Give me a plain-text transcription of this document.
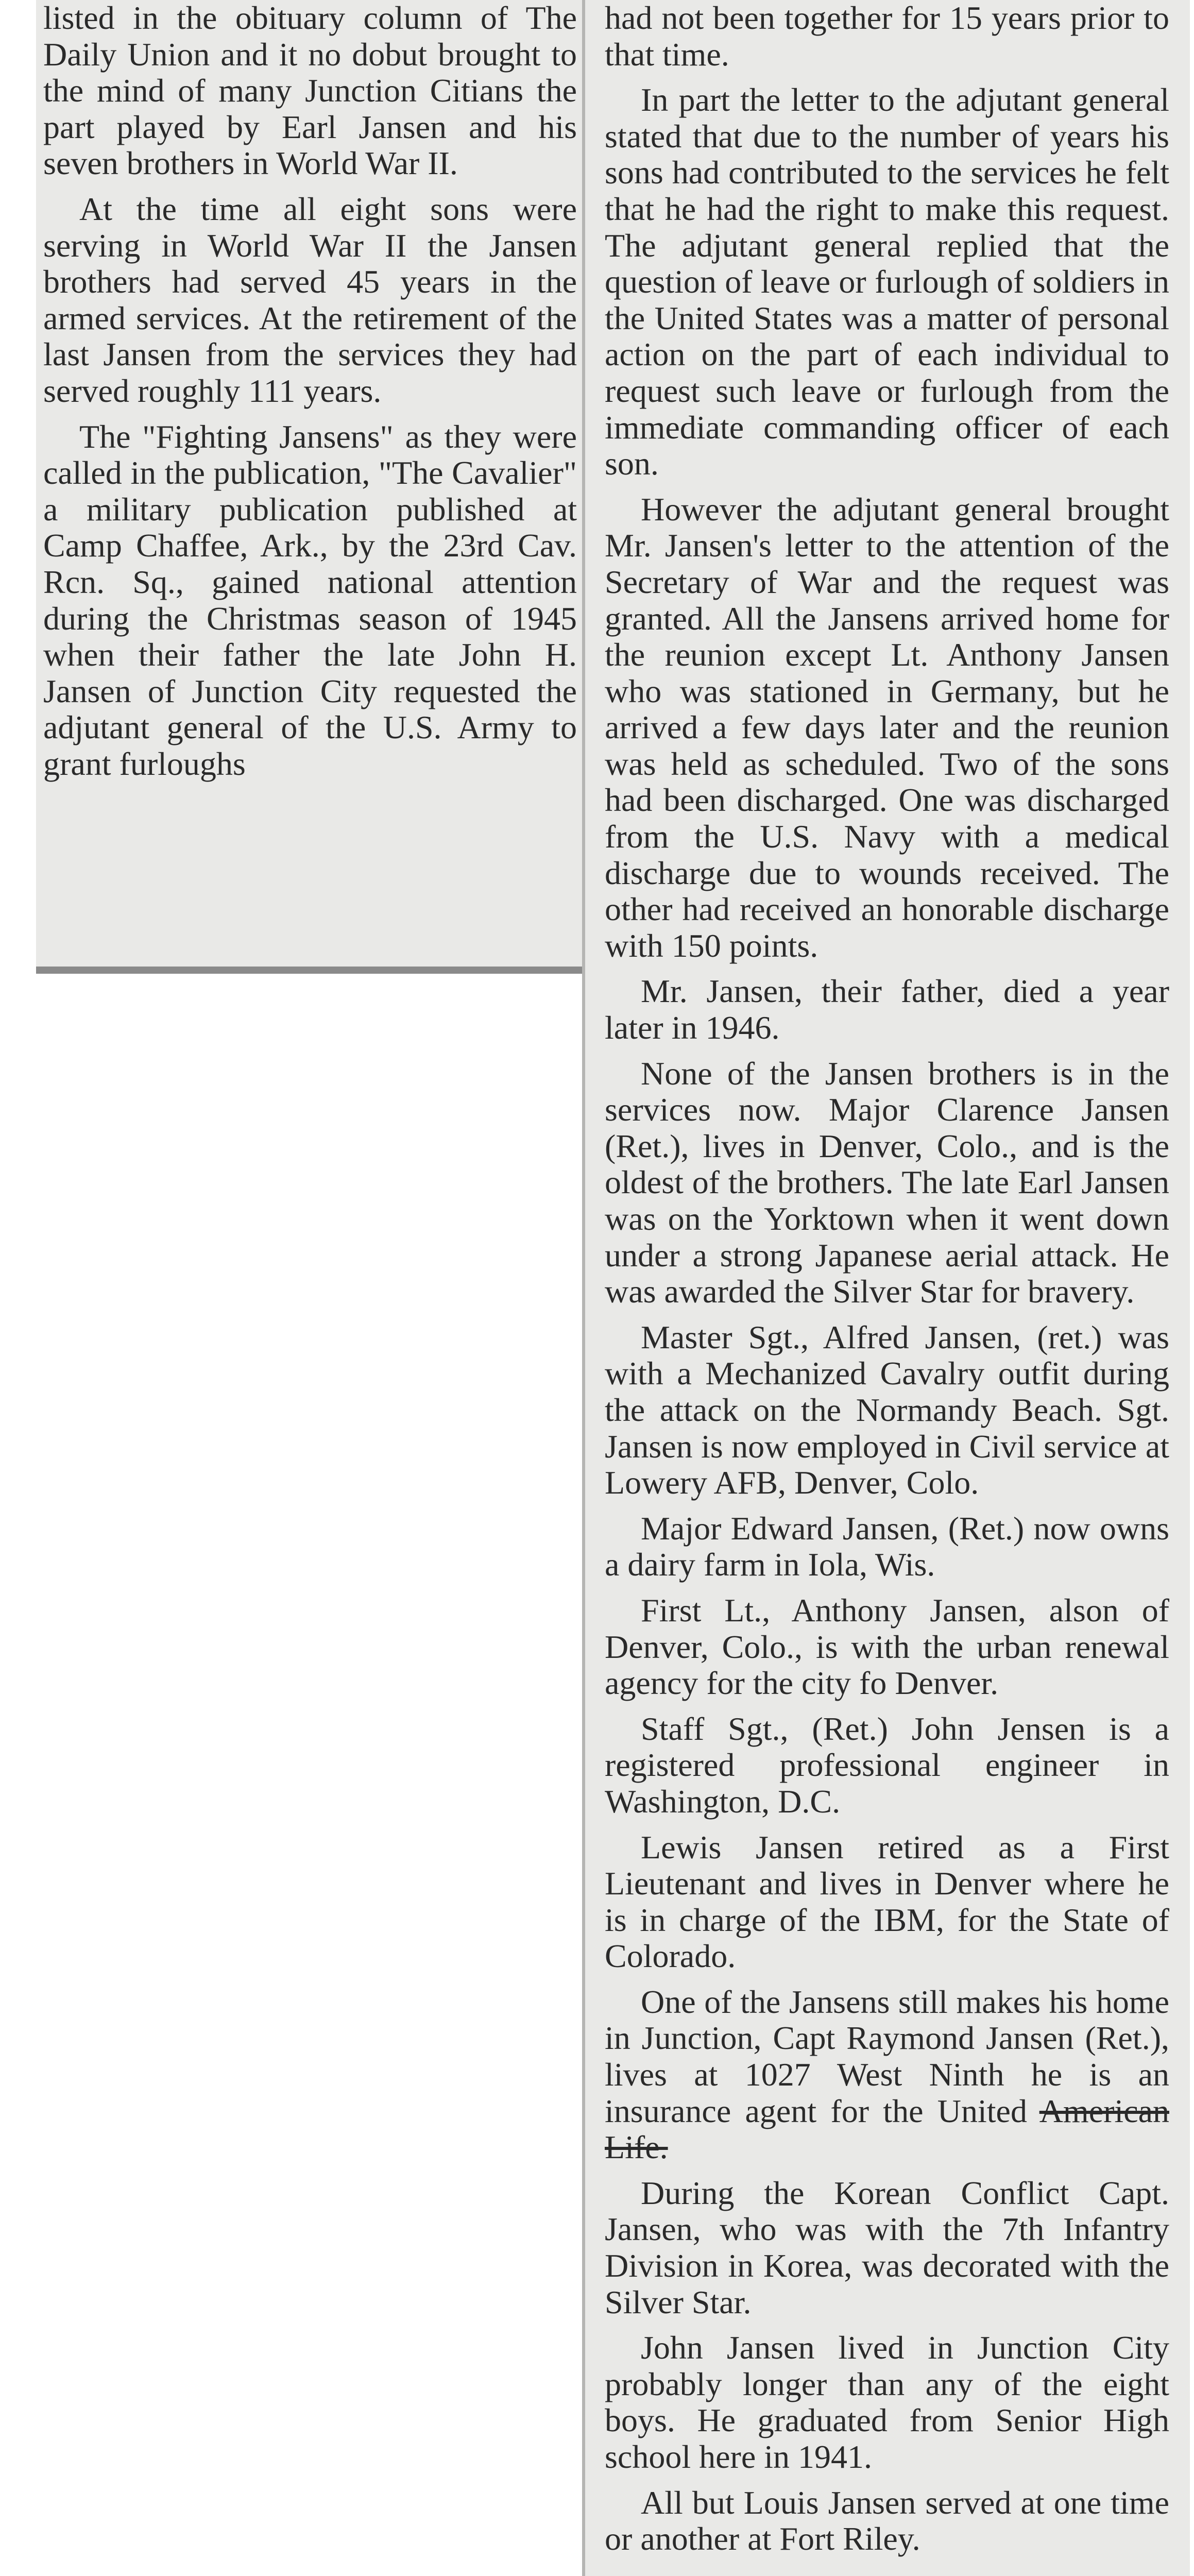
listed in the obituary column of The Daily Union and it no dobut brought to the mind of many Junction Citians the part played by Earl Jansen and his seven brothers in World War II.

At the time all eight sons were serving in World War II the Jansen brothers had served 45 years in the armed services. At the retirement of the last Jansen from the services they had served roughly 111 years.

The "Fighting Jansens" as they were called in the publication, "The Cavalier" a military publication published at Camp Chaffee, Ark., by the 23rd Cav. Rcn. Sq., gained national attention during the Christmas season of 1945 when their father the late John H. Jansen of Junction City requested the adjutant general of the U.S. Army to grant furloughs

had not been together for 15 years prior to that time.

In part the letter to the adjutant general stated that due to the number of years his sons had contributed to the services he felt that he had the right to make this request. The adjutant general replied that the question of leave or furlough of soldiers in the United States was a matter of personal action on the part of each individual to request such leave or furlough from the immediate commanding officer of each son.

However the adjutant general brought Mr. Jansen's letter to the attention of the Secretary of War and the request was granted. All the Jansens arrived home for the reunion except Lt. Anthony Jansen who was stationed in Germany, but he arrived a few days later and the reunion was held as scheduled. Two of the sons had been discharged. One was discharged from the U.S. Navy with a medical discharge due to wounds received. The other had received an honorable discharge with 150 points.

Mr. Jansen, their father, died a year later in 1946.

None of the Jansen brothers is in the services now. Major Clarence Jansen (Ret.), lives in Denver, Colo., and is the oldest of the brothers. The late Earl Jansen was on the Yorktown when it went down under a strong Japanese aerial attack. He was awarded the Silver Star for bravery.

Master Sgt., Alfred Jansen, (ret.) was with a Mechanized Cavalry outfit during the attack on the Normandy Beach. Sgt. Jansen is now employed in Civil service at Lowery AFB, Denver, Colo.

Major Edward Jansen, (Ret.) now owns a dairy farm in Iola, Wis.

First Lt., Anthony Jansen, alson of Denver, Colo., is with the urban renewal agency for the city fo Denver.

Staff Sgt., (Ret.) John Jensen is a registered professional engineer in Washington, D.C.

Lewis Jansen retired as a First Lieutenant and lives in Denver where he is in charge of the IBM, for the State of Colorado.

One of the Jansens still makes his home in Junction, Capt Raymond Jansen (Ret.), lives at 1027 West Ninth he is an insurance agent for the United American Life.

During the Korean Conflict Capt. Jansen, who was with the 7th Infantry Division in Korea, was decorated with the Silver Star.

John Jansen lived in Junction City probably longer than any of the eight boys. He graduated from Senior High school here in 1941.

All but Louis Jansen served at one time or another at Fort Riley.
